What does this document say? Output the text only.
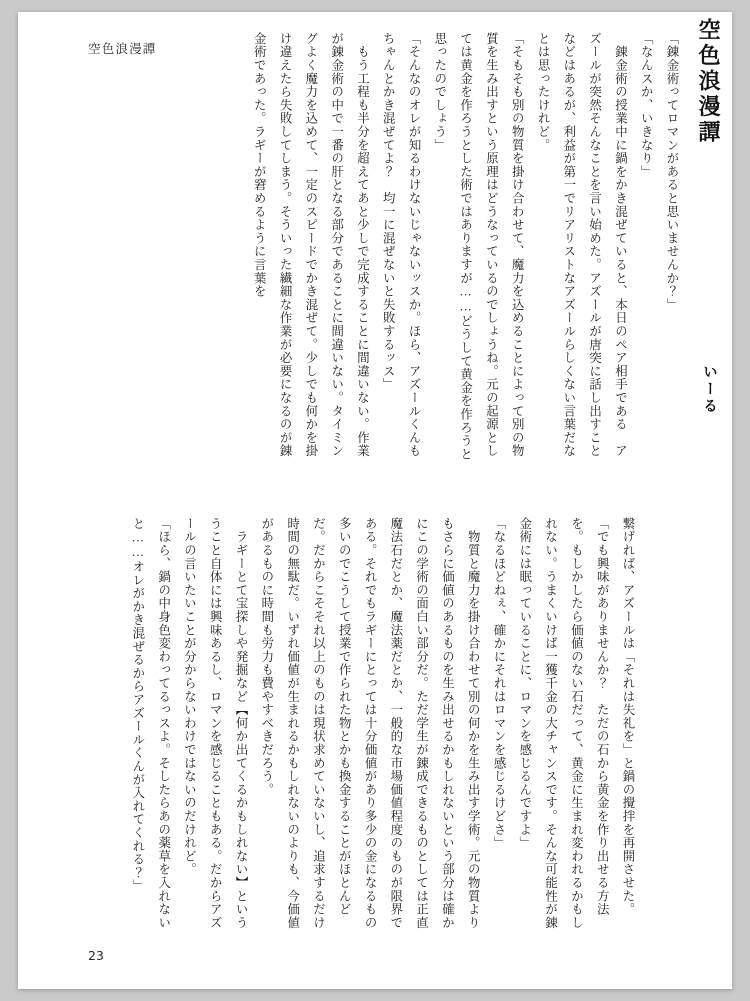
空色浪漫譚	空色浪漫譚
いーる

「錬金術ってロマンがあると思いませんか？」

「なんスか、いきなり」

　錬金術の授業中に鍋をかき混ぜていると、本日のペア相手である　アズールが突然そんなことを言い始めた。アズールが唐突に話し出すことなどはあるが、利益が第一でリアリストなアズールらしくない言葉だなとは思ったけれど。

「そもそも別の物質を掛け合わせて、魔力を込めることによって別の物質を生み出すという原理はどうなっているのでしょうね。元の起源としては黄金を作ろうとした術ではありますが……どうして黄金を作ろうと思ったのでしょう」

「そんなのオレが知るわけないじゃないッスか。ほら、アズールくんもちゃんとかき混ぜてよ？　均一に混ぜないと失敗するッス」

　もう工程も半分を超えてあと少しで完成することに間違いない。作業が錬金術の中で一番の肝となる部分であることに間違いない。タイミングよく魔力を込めて、一定のスピードでかき混ぜて。少しでも何かを掛け違えたら失敗してしまう。そういった繊細な作業が必要になるのが錬金術であった。ラギーが窘めるように言葉を

繋げれば、アズールは「それは失礼を」と鍋の攪拌を再開させた。

「でも興味がありませんか？　ただの石から黄金を作り出せる方法を。もしかしたら価値のない石だって、黄金に生まれ変われるかもしれない。うまくいけば一獲千金の大チャンスです。そんな可能性が錬金術には眠っていることに、ロマンを感じるんですよ」

「なるほどねぇ、確かにそれはロマンを感じるけどさ」

　物質と魔力を掛け合わせて別の何かを生み出す学術。元の物質よりもさらに価値のあるものを生み出せるかもしれないという部分は確かにこの学術の面白い部分だ。ただ学生が錬成できるものとしては正直魔法石だとか、魔法薬だとか、一般的な市場価値程度のものが限界である。それでもラギーにとっては十分価値があり多少の金になるもの多いのでこうして授業で作られた物とかも換金することがほとんどだ。だからこそそれ以上のものは現状求めていないし、追求するだけ時間の無駄だ。いずれ価値が生まれるかもしれないのよりも、今価値があるものに時間も労力も費やすべきだろう。

　ラギーとて宝探しや発掘など【何か出てくるかもしれない】といううこと自体には興味あるし、ロマンを感じることもある。だからアズールの言いたいことが分からないわけではないのだけれど。

「ほら、鍋の中身色変わってるっスよ。そしたらあの薬草を入れないと……オレがかき混ぜるからアズールくんが入れてくれる？」

23
